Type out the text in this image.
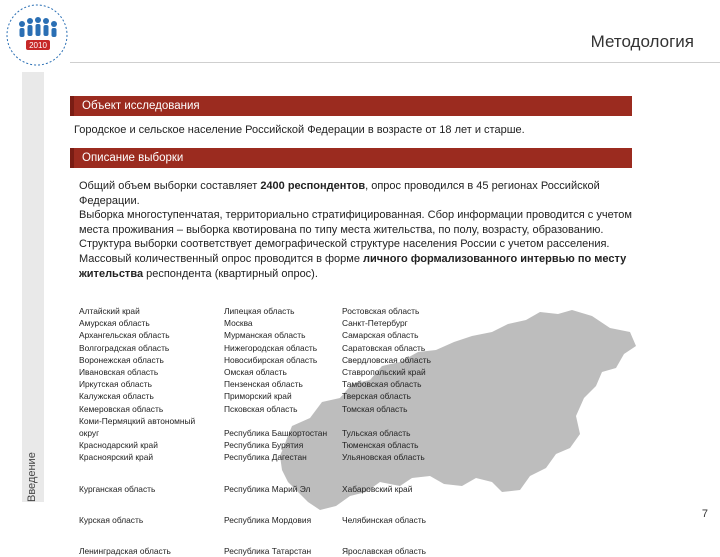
2010	Методология
Введение
Объект исследования
Городское и сельское население Российской Федерации в возрасте от 18 лет и старше.
Описание выборки

Общий объем выборки составляет 2400 респондентов, опрос проводился в 45 регионах Российской Федерации.

Выборка многоступенчатая, территориально стратифицированная. Сбор информации проводится с учетом места проживания – выборка квотирована по типу места жительства, по полу, возрасту, образованию. Структура выборки соответствует демографической структуре населения России с учетом расселения.

Массовый количественный опрос проводится в форме личного формализованного интервью по месту жительства респондента (квартирный опрос).

Алтайский край
Амурская область
Архангельская область
Волгоградская область
Воронежская область
Ивановская область
Иркутская область
Калужская область
Кемеровская область
Коми-Пермяцкий автономный
округ
Краснодарский край
Красноярский край
Курганская область
Курская область
Ленинградская область
Липецкая область
Москва
Мурманская область
Нижегородская область
Новосибирская область
Омская область
Пензенская область
Приморский край
Псковская область
Республика Башкортостан
Республика Бурятия
Республика Дагестан
Республика Марий Эл
Республика Мордовия
Республика Татарстан
Ростовская область
Санкт-Петербург
Самарская область
Саратовская область
Свердловская область
Ставропольский край
Тамбовская область
Тверская область
Томская область
Тульская область
Тюменская область
Ульяновская область
Хабаровский край
Челябинская область
Ярославская область
7
